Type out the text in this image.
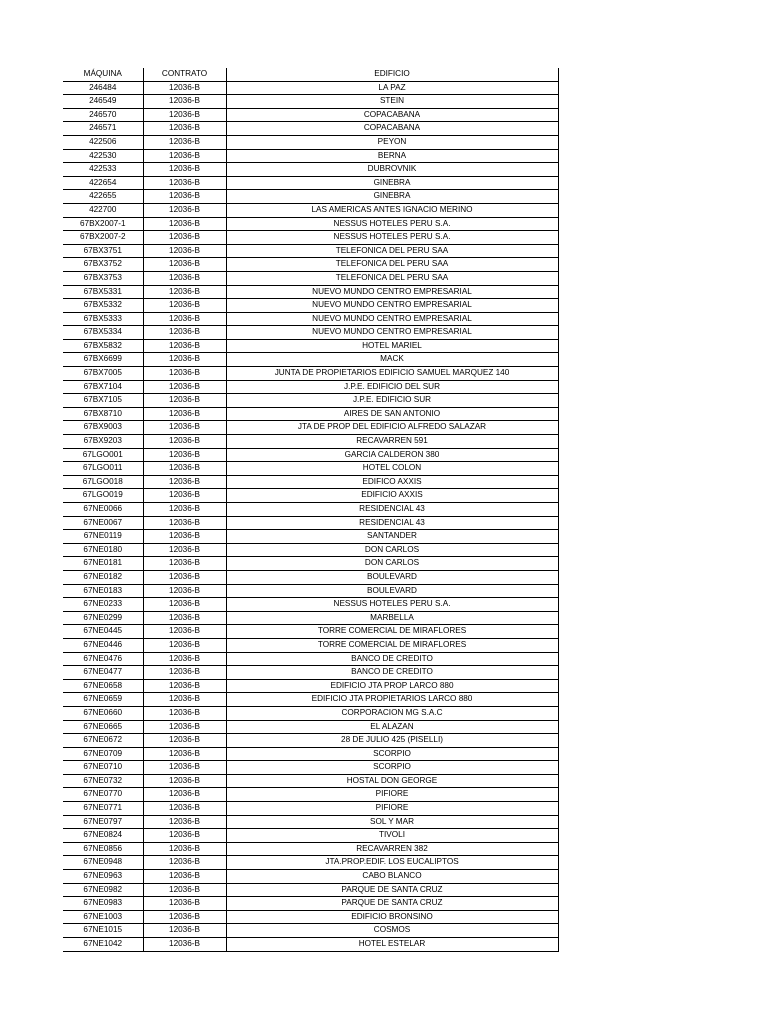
MÁQUINA	CONTRATO	EDIFICIO
246484	12036-B	LA PAZ
246549	12036-B	STEIN
246570	12036-B	COPACABANA
246571	12036-B	COPACABANA
422506	12036-B	PEYON
422530	12036-B	BERNA
422533	12036-B	DUBROVNIK
422654	12036-B	GINEBRA
422655	12036-B	GINEBRA
422700	12036-B	LAS AMERICAS ANTES IGNACIO MERINO
67BX2007-1	12036-B	NESSUS HOTELES PERU S.A.
67BX2007-2	12036-B	NESSUS HOTELES PERU S.A.
67BX3751	12036-B	TELEFONICA DEL PERU SAA
67BX3752	12036-B	TELEFONICA DEL PERU SAA
67BX3753	12036-B	TELEFONICA DEL PERU SAA
67BX5331	12036-B	NUEVO MUNDO CENTRO EMPRESARIAL
67BX5332	12036-B	NUEVO MUNDO CENTRO EMPRESARIAL
67BX5333	12036-B	NUEVO MUNDO CENTRO EMPRESARIAL
67BX5334	12036-B	NUEVO MUNDO CENTRO EMPRESARIAL
67BX5832	12036-B	HOTEL MARIEL
67BX6699	12036-B	MACK
67BX7005	12036-B	JUNTA DE PROPIETARIOS EDIFICIO SAMUEL MARQUEZ 140
67BX7104	12036-B	J.P.E. EDIFICIO DEL SUR
67BX7105	12036-B	J.P.E. EDIFICIO SUR
67BX8710	12036-B	AIRES DE SAN ANTONIO
67BX9003	12036-B	JTA DE PROP DEL EDIFICIO ALFREDO SALAZAR
67BX9203	12036-B	RECAVARREN 591
67LGO001	12036-B	GARCIA CALDERON 380
67LGO011	12036-B	HOTEL COLON
67LGO018	12036-B	EDIFICO AXXIS
67LGO019	12036-B	EDIFICIO AXXIS
67NE0066	12036-B	RESIDENCIAL 43
67NE0067	12036-B	RESIDENCIAL 43
67NE0119	12036-B	SANTANDER
67NE0180	12036-B	DON CARLOS
67NE0181	12036-B	DON CARLOS
67NE0182	12036-B	BOULEVARD
67NE0183	12036-B	BOULEVARD
67NE0233	12036-B	NESSUS HOTELES PERU S.A.
67NE0299	12036-B	MARBELLA
67NE0445	12036-B	TORRE COMERCIAL DE MIRAFLORES
67NE0446	12036-B	TORRE COMERCIAL DE MIRAFLORES
67NE0476	12036-B	BANCO DE CREDITO
67NE0477	12036-B	BANCO DE CREDITO
67NE0658	12036-B	EDIFICIO JTA PROP LARCO 880
67NE0659	12036-B	EDIFICIO JTA PROPIETARIOS LARCO 880
67NE0660	12036-B	CORPORACION MG S.A.C
67NE0665	12036-B	EL ALAZAN
67NE0672	12036-B	28 DE JULIO 425 (PISELLI)
67NE0709	12036-B	SCORPIO
67NE0710	12036-B	SCORPIO
67NE0732	12036-B	HOSTAL DON GEORGE
67NE0770	12036-B	PIFIORE
67NE0771	12036-B	PIFIORE
67NE0797	12036-B	SOL Y MAR
67NE0824	12036-B	TIVOLI
67NE0856	12036-B	RECAVARREN 382
67NE0948	12036-B	JTA.PROP.EDIF. LOS EUCALIPTOS
67NE0963	12036-B	CABO BLANCO
67NE0982	12036-B	PARQUE DE SANTA CRUZ
67NE0983	12036-B	PARQUE DE SANTA CRUZ
67NE1003	12036-B	EDIFICIO BRONSINO
67NE1015	12036-B	COSMOS
67NE1042	12036-B	HOTEL ESTELAR
